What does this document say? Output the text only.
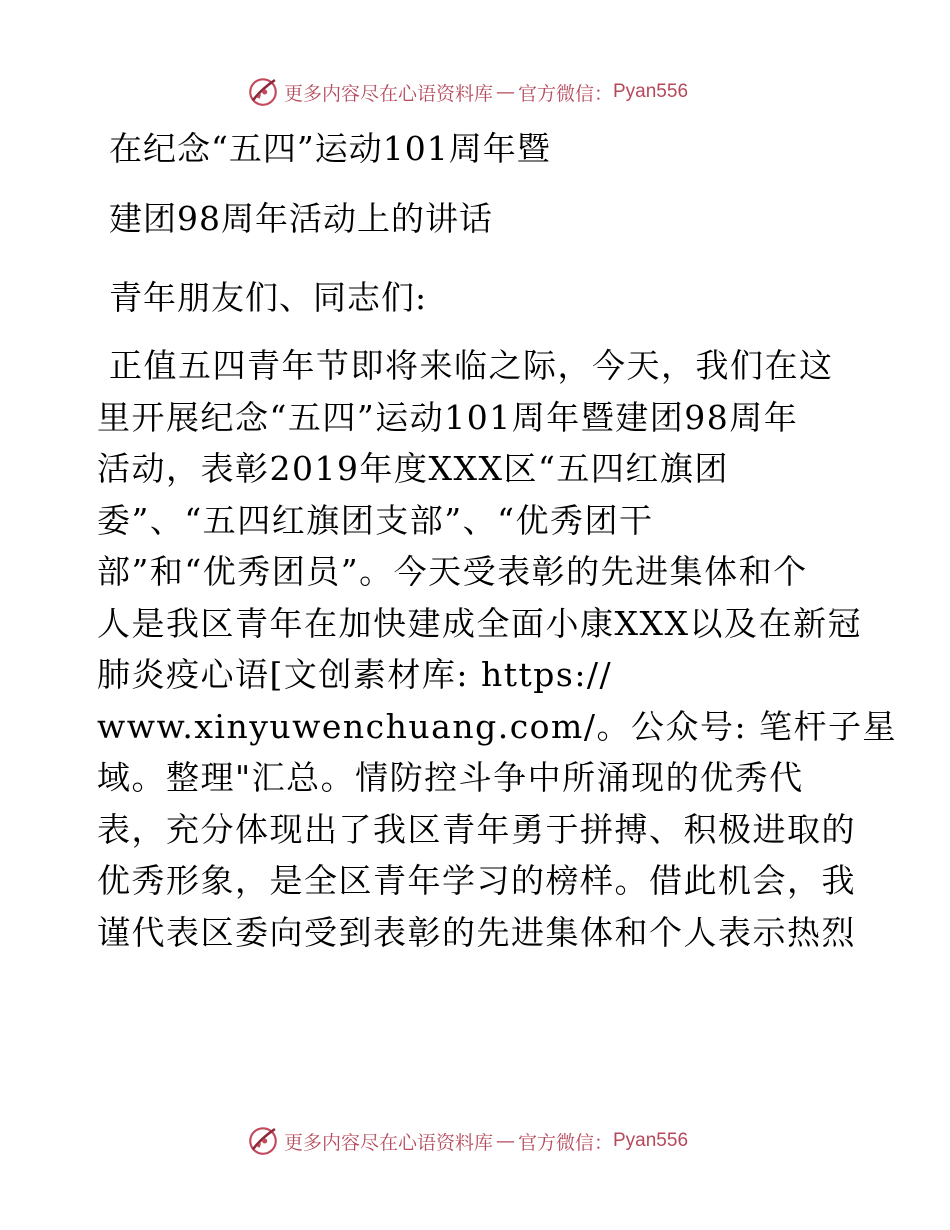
更多内容尽在心语资料库 — 官方微信： Pyan556
在纪念“五四”运动101周年暨
建团98周年活动上的讲话
青年朋友们、同志们:
正值五四青年节即将来临之际，今天，我们在这
里开展纪念“五四”运动101周年暨建团98周年
活动，表彰2019年度XXX区“五四红旗团
委”、“五四红旗团支部”、“优秀团干
部”和“优秀团员”。今天受表彰的先进集体和个
人是我区青年在加快建成全面小康XXX以及在新冠
肺炎疫心语[文创素材库: https://
www.xinyuwenchuang.com/。公众号: 笔杆子星
域。整理"汇总。情防控斗争中所涌现的优秀代
表，充分体现出了我区青年勇于拼搏、积极进取的
优秀形象，是全区青年学习的榜样。借此机会，我
谨代表区委向受到表彰的先进集体和个人表示热烈
更多内容尽在心语资料库 — 官方微信： Pyan556
